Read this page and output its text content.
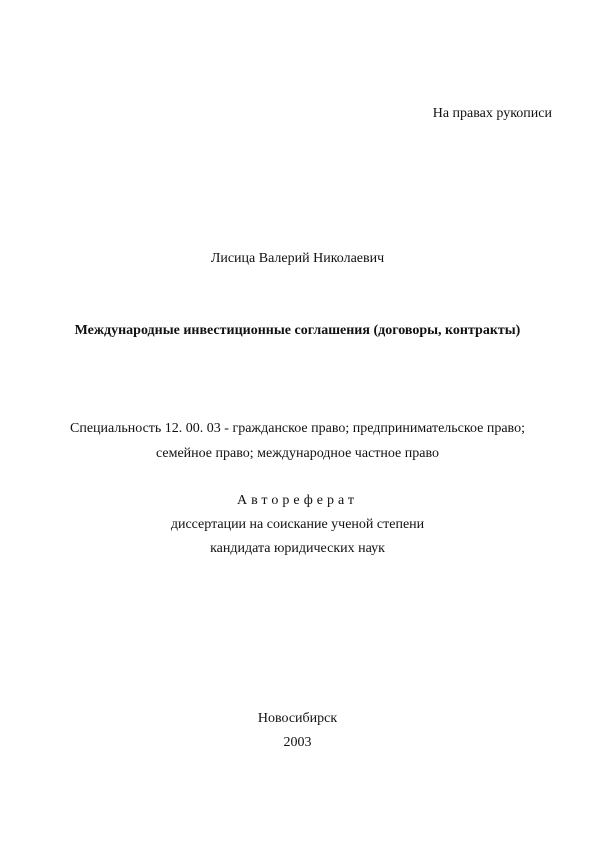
На правах рукописи
Лисица Валерий Николаевич
Международные инвестиционные соглашения (договоры, контракты)
Специальность 12. 00. 03 - гражданское право; предпринимательское право;
семейное право; международное частное право
Автореферат
диссертации на соискание ученой степени
кандидата юридических наук
Новосибирск
2003
